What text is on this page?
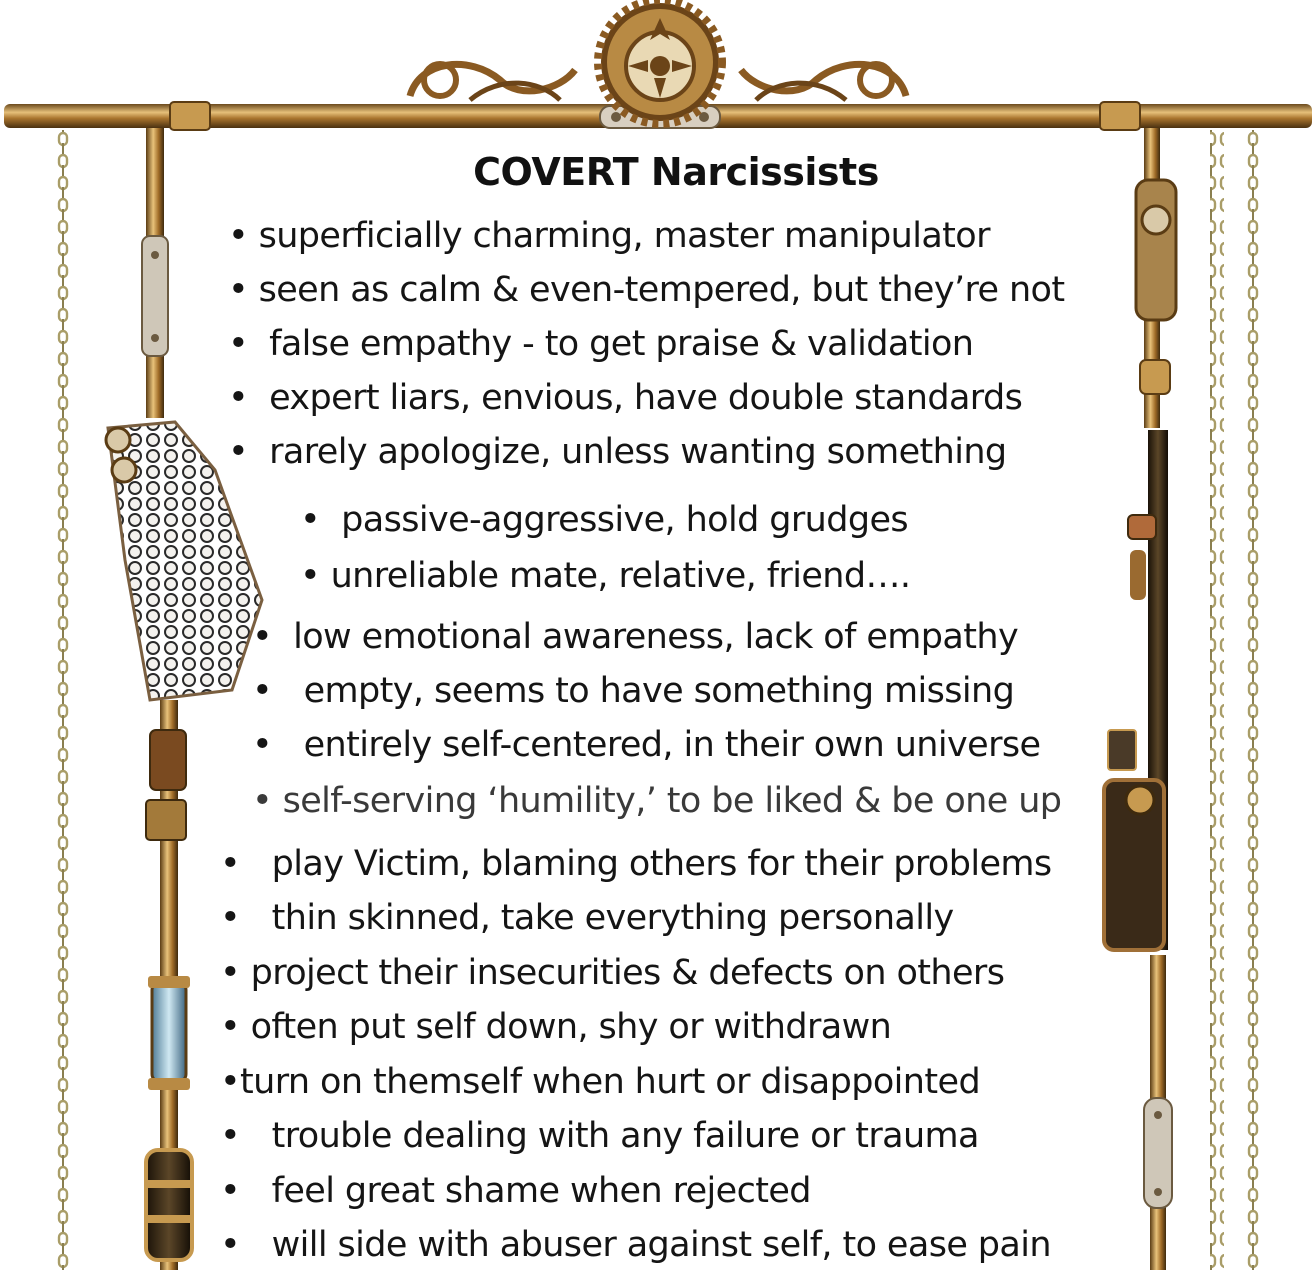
COVERT Narcissists
• superficially charming, master manipulator
• seen as calm & even-tempered, but they’re not
• false empathy - to get praise & validation
• expert liars, envious, have double standards
• rarely apologize, unless wanting something
• passive-aggressive, hold grudges
• unreliable mate, relative, friend….
• low emotional awareness, lack of empathy
• empty, seems to have something missing
• entirely self-centered, in their own universe
• self-serving ‘humility,’ to be liked & be one up
• play Victim, blaming others for their problems
• thin skinned, take everything personally
• project their insecurities & defects on others
• often put self down, shy or withdrawn
•turn on themself when hurt or disappointed
• trouble dealing with any failure or trauma
• feel great shame when rejected
• will side with abuser against self, to ease pain
